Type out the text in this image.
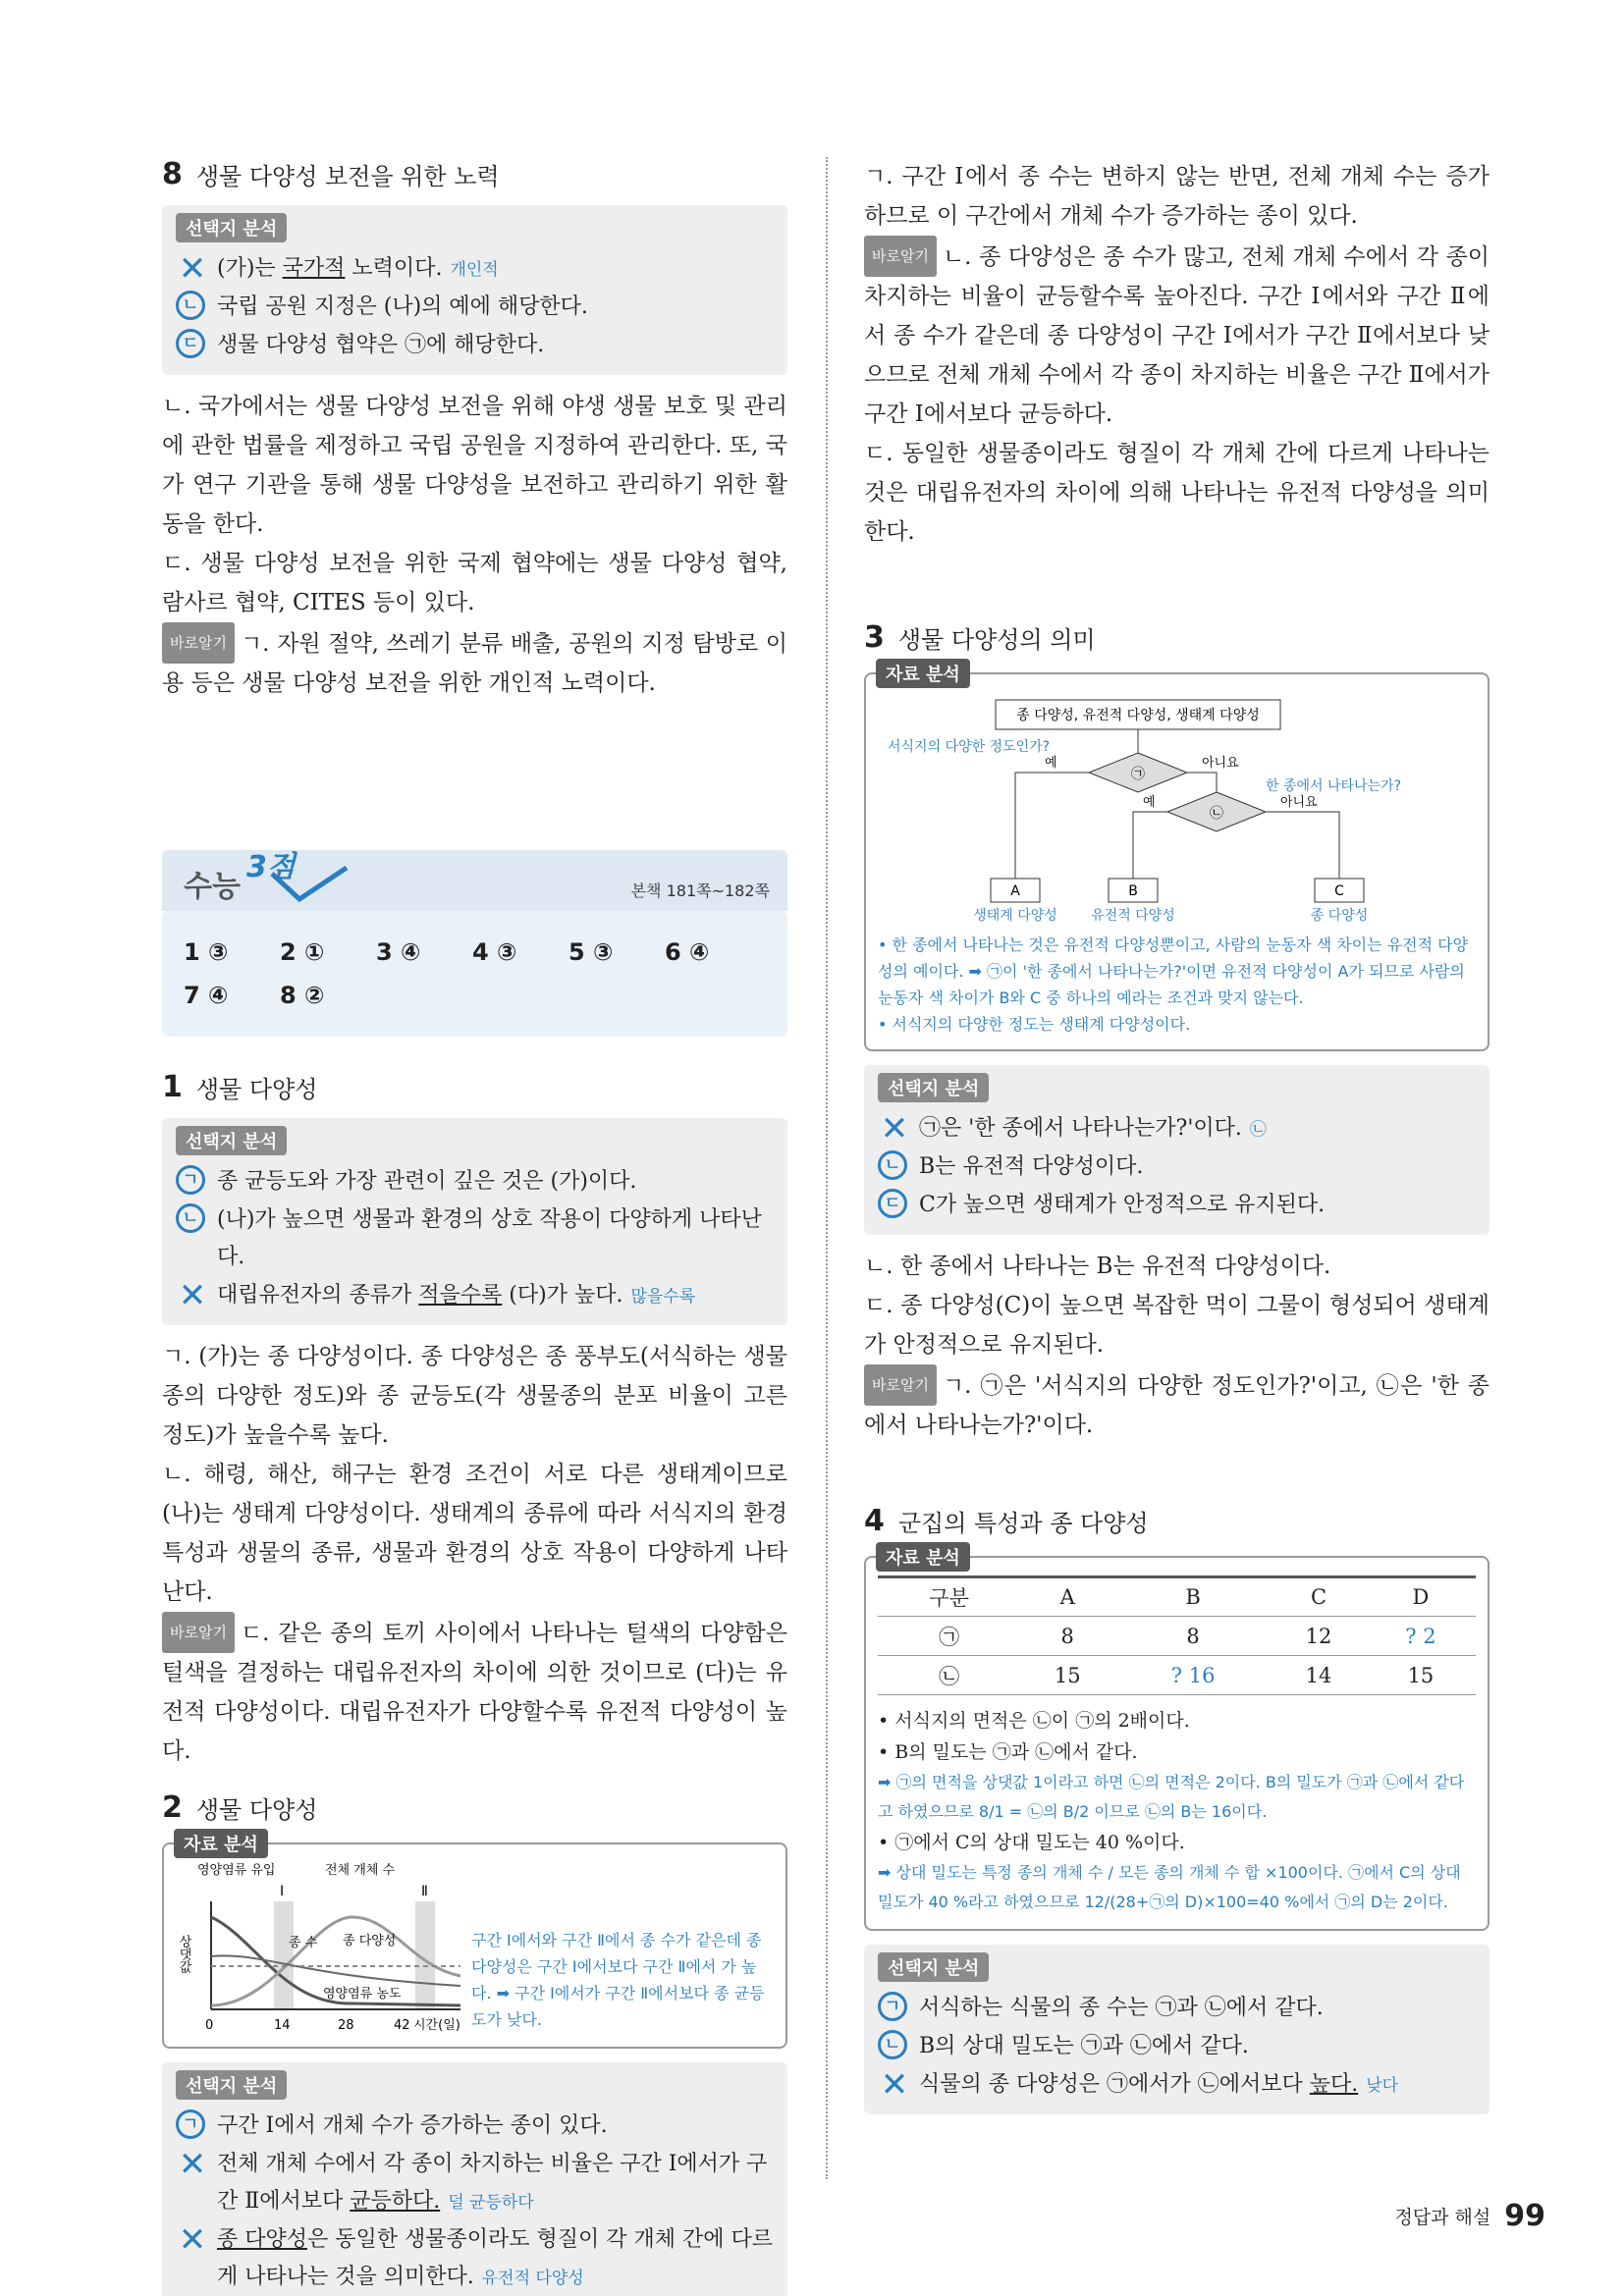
8 생물 다양성 보전을 위한 노력
선택지 분석
✕ (가)는 국가적 노력이다. 개인적
ㄴ 국립 공원 지정은 (나)의 예에 해당한다.
ㄷ 생물 다양성 협약은 ㉠에 해당한다.

ㄴ. 국가에서는 생물 다양성 보전을 위해 야생 생물 보호 및 관리에 관한 법률을 제정하고 국립 공원을 지정하여 관리한다. 또, 국가 연구 기관을 통해 생물 다양성을 보전하고 관리하기 위한 활동을 한다.

ㄷ. 생물 다양성 보전을 위한 국제 협약에는 생물 다양성 협약, 람사르 협약, CITES 등이 있다.

바로알기 ㄱ. 자원 절약, 쓰레기 분류 배출, 공원의 지정 탐방로 이용 등은 생물 다양성 보전을 위한 개인적 노력이다.

수능
3점
본책 181쪽~182쪽
1 ③	2 ①	3 ④	4 ③	5 ③	6 ④
7 ④	8 ②
1 생물 다양성
선택지 분석
ㄱ 종 균등도와 가장 관련이 깊은 것은 (가)이다.
ㄴ (나)가 높으면 생물과 환경의 상호 작용이 다양하게 나타난다.
✕ 대립유전자의 종류가 적을수록 (다)가 높다. 많을수록

ㄱ. (가)는 종 다양성이다. 종 다양성은 종 풍부도(서식하는 생물 종의 다양한 정도)와 종 균등도(각 생물종의 분포 비율이 고른 정도)가 높을수록 높다.

ㄴ. 해령, 해산, 해구는 환경 조건이 서로 다른 생태계이므로 (나)는 생태계 다양성이다. 생태계의 종류에 따라 서식지의 환경 특성과 생물의 종류, 생물과 환경의 상호 작용이 다양하게 나타난다.

바로알기 ㄷ. 같은 종의 토끼 사이에서 나타나는 털색의 다양함은 털색을 결정하는 대립유전자의 차이에 의한 것이므로 (다)는 유전적 다양성이다. 대립유전자가 다양할수록 유전적 다양성이 높다.

2 생물 다양성
자료 분석
영양염류 유입	전체 개체 수
Ⅰ	Ⅱ
종 수 종 다양성
영양염류 농도
상댓값
0	14	28	42 시간(일)
구간 Ⅰ에서와 구간 Ⅱ에서 종 수가 같은데 종 다양성은 구간 Ⅰ에서보다 구간 Ⅱ에서 가 높다. ➡ 구간 Ⅰ에서가 구간 Ⅱ에서보다 종 균등도가 낮다.
선택지 분석
ㄱ 구간 Ⅰ에서 개체 수가 증가하는 종이 있다.
✕ 전체 개체 수에서 각 종이 차지하는 비율은 구간 Ⅰ에서가 구간 Ⅱ에서보다 균등하다. 덜 균등하다
✕ 종 다양성은 동일한 생물종이라도 형질이 각 개체 간에 다르게 나타나는 것을 의미한다. 유전적 다양성

ㄱ. 구간 Ⅰ에서 종 수는 변하지 않는 반면, 전체 개체 수는 증가하므로 이 구간에서 개체 수가 증가하는 종이 있다.

바로알기 ㄴ. 종 다양성은 종 수가 많고, 전체 개체 수에서 각 종이 차지하는 비율이 균등할수록 높아진다. 구간 Ⅰ에서와 구간 Ⅱ에서 종 수가 같은데 종 다양성이 구간 Ⅰ에서가 구간 Ⅱ에서보다 낮으므로 전체 개체 수에서 각 종이 차지하는 비율은 구간 Ⅱ에서가 구간 Ⅰ에서보다 균등하다.

ㄷ. 동일한 생물종이라도 형질이 각 개체 간에 다르게 나타나는 것은 대립유전자의 차이에 의해 나타나는 유전적 다양성을 의미한다.

3 생물 다양성의 의미
자료 분석
종 다양성, 유전적 다양성, 생태계 다양성
㉠
㉡
예	아니요
예	아니요
서식지의 다양한 정도인가?
한 종에서 나타나는가?
A	B	C
생태계 다양성 유전적 다양성	종 다양성
• 한 종에서 나타나는 것은 유전적 다양성뿐이고, 사람의 눈동자 색 차이는 유전적 다양성의 예이다. ➡ ㉠이 '한 종에서 나타나는가?'이면 유전적 다양성이 A가 되므로 사람의 눈동자 색 차이가 B와 C 중 하나의 예라는 조건과 맞지 않는다.
• 서식지의 다양한 정도는 생태계 다양성이다.
선택지 분석
✕ ㉠은 '한 종에서 나타나는가?'이다. ㉡
ㄴ B는 유전적 다양성이다.
ㄷ C가 높으면 생태계가 안정적으로 유지된다.

ㄴ. 한 종에서 나타나는 B는 유전적 다양성이다.

ㄷ. 종 다양성(C)이 높으면 복잡한 먹이 그물이 형성되어 생태계가 안정적으로 유지된다.

바로알기 ㄱ. ㉠은 '서식지의 다양한 정도인가?'이고, ㉡은 '한 종에서 나타나는가?'이다.

4 군집의 특성과 종 다양성
자료 분석
구분	A	B	C	D
㉠	8	8	12	? 2
㉡	15	? 16	14	15
• 서식지의 면적은 ㉡이 ㉠의 2배이다.
• B의 밀도는 ㉠과 ㉡에서 같다.
➡ ㉠의 면적을 상댓값 1이라고 하면 ㉡의 면적은 2이다. B의 밀도가 ㉠과 ㉡에서 같다고 하였으므로 8/1 = ㉡의 B/2 이므로 ㉡의 B는 16이다.
• ㉠에서 C의 상대 밀도는 40 %이다.
➡ 상대 밀도는 특정 종의 개체 수 / 모든 종의 개체 수 합 ×100이다. ㉠에서 C의 상대 밀도가 40 %라고 하였으므로 12/(28+㉠의 D)×100=40 %에서 ㉠의 D는 2이다.
선택지 분석
ㄱ 서식하는 식물의 종 수는 ㉠과 ㉡에서 같다.
ㄴ B의 상대 밀도는 ㉠과 ㉡에서 같다.
✕ 식물의 종 다양성은 ㉠에서가 ㉡에서보다 높다. 낮다
정답과 해설 99
